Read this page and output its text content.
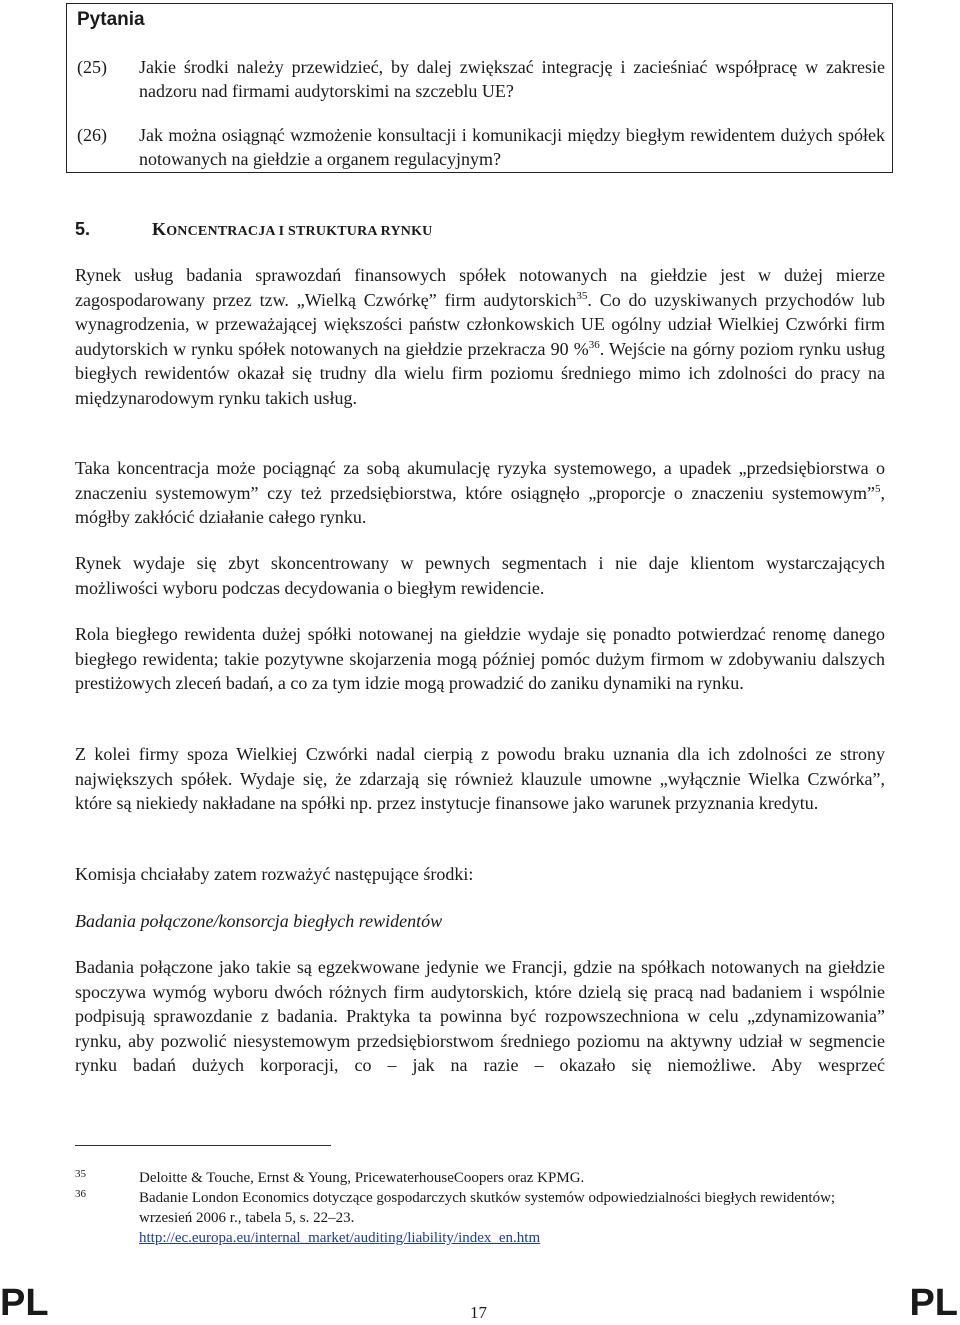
Pytania
(25) Jakie środki należy przewidzieć, by dalej zwiększać integrację i zacieśniać współpracę w zakresie nadzoru nad firmami audytorskimi na szczeblu UE?
(26) Jak można osiągnąć wzmożenie konsultacji i komunikacji między biegłym rewidentem dużych spółek notowanych na giełdzie a organem regulacyjnym?
5.	KONCENTRACJA I STRUKTURA RYNKU
Rynek usług badania sprawozdań finansowych spółek notowanych na giełdzie jest w dużej mierze zagospodarowany przez tzw. „Wielką Czwórkę” firm audytorskich$^{35}$. Co do uzyskiwanych przychodów lub wynagrodzenia, w przeważającej większości państw członkowskich UE ogólny udział Wielkiej Czwórki firm audytorskich w rynku spółek notowanych na giełdzie przekracza 90 %$^{36}$. Wejście na górny poziom rynku usług biegłych rewidentów okazał się trudny dla wielu firm poziomu średniego mimo ich zdolności do pracy na międzynarodowym rynku takich usług.
Taka koncentracja może pociągnąć za sobą akumulację ryzyka systemowego, a upadek „przedsiębiorstwa o znaczeniu systemowym” czy też przedsiębiorstwa, które osiągnęło „proporcje o znaczeniu systemowym”$^5$, mógłby zakłócić działanie całego rynku.
Rynek wydaje się zbyt skoncentrowany w pewnych segmentach i nie daje klientom wystarczających możliwości wyboru podczas decydowania o biegłym rewidencie.
Rola biegłego rewidenta dużej spółki notowanej na giełdzie wydaje się ponadto potwierdzać renomę danego biegłego rewidenta; takie pozytywne skojarzenia mogą później pomóc dużym firmom w zdobywaniu dalszych prestiżowych zleceń badań, a co za tym idzie mogą prowadzić do zaniku dynamiki na rynku.
Z kolei firmy spoza Wielkiej Czwórki nadal cierpią z powodu braku uznania dla ich zdolności ze strony największych spółek. Wydaje się, że zdarzają się również klauzule umowne „wyłącznie Wielka Czwórka”, które są niekiedy nakładane na spółki np. przez instytucje finansowe jako warunek przyznania kredytu.
Komisja chciałaby zatem rozważyć następujące środki:
Badania połączone/konsorcja biegłych rewidentów
Badania połączone jako takie są egzekwowane jedynie we Francji, gdzie na spółkach notowanych na giełdzie spoczywa wymóg wyboru dwóch różnych firm audytorskich, które dzielą się pracą nad badaniem i wspólnie podpisują sprawozdanie z badania. Praktyka ta powinna być rozpowszechniona w celu „zdynamizowania” rynku, aby pozwolić niesystemowym przedsiębiorstwom średniego poziomu na aktywny udział w segmencie rynku badań dużych korporacji, co – jak na razie – okazało się niemożliwe. Aby wesprzeć
35	Deloitte & Touche, Ernst & Young, PricewaterhouseCoopers oraz KPMG.
36	Badanie London Economics dotyczące gospodarczych skutków systemów odpowiedzialności biegłych rewidentów; wrzesień 2006 r., tabela 5, s. 22–23.
http://ec.europa.eu/internal_market/auditing/liability/index_en.htm
PL	17	PL
